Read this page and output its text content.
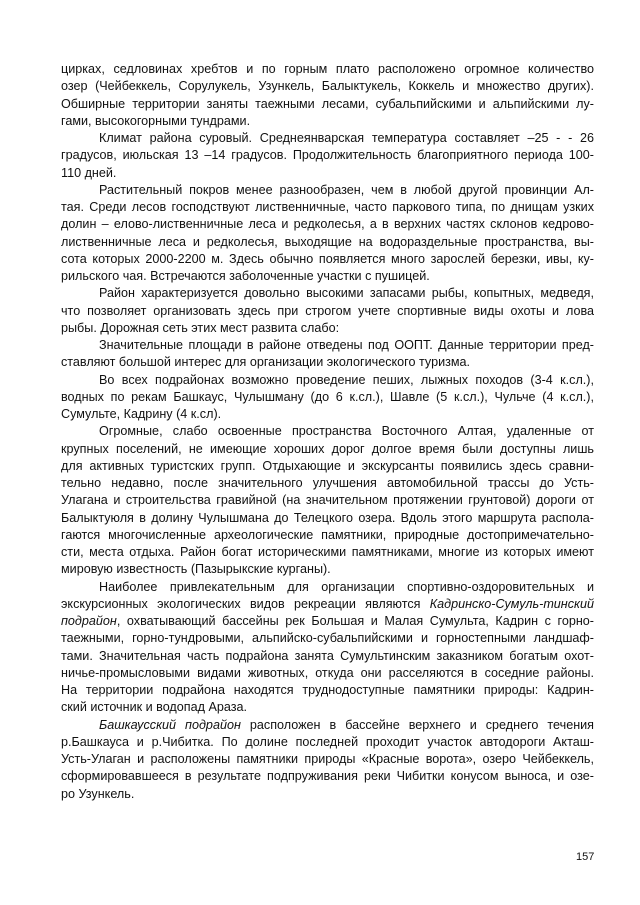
цирках, седловинах хребтов и по горным плато расположено огромное количество
озер (Чейбеккель, Сорулукель, Узункель, Балыктукель, Коккель и множество других).
Обширные территории заняты таежными лесами, субальпийскими и альпийскими лу-
гами, высокогорными тундрами.
Климат района суровый. Среднеянварская температура составляет –25 - - 26
градусов, июльская 13 –14 градусов. Продолжительность благоприятного периода 100-
110 дней.
Растительный покров менее разнообразен, чем в любой другой провинции Ал-
тая. Среди лесов господствуют лиственничные, часто паркового типа, по днищам узких
долин – елово-лиственничные леса и редколесья, а в верхних частях склонов кедрово-
лиственничные леса и редколесья, выходящие на водораздельные пространства, вы-
сота которых 2000-2200 м. Здесь обычно появляется много зарослей березки, ивы, ку-
рильского чая. Встречаются заболоченные участки с пушицей.
Район характеризуется довольно высокими запасами рыбы, копытных, медведя,
что позволяет организовать здесь при строгом учете спортивные виды охоты и лова
рыбы. Дорожная сеть этих мест развита слабо:
Значительные площади в районе отведены под ООПТ. Данные территории пред-
ставляют большой интерес для организации экологического туризма.
Во всех подрайонах возможно проведение пеших, лыжных походов (3-4 к.сл.),
водных по рекам Башкаус, Чулышману (до 6 к.сл.), Шавле (5 к.сл.), Чульче (4 к.сл.),
Сумульте, Кадрину (4 к.сл).
Огромные, слабо освоенные пространства Восточного Алтая, удаленные от
крупных поселений, не имеющие хороших дорог долгое время были доступны лишь
для активных туристских групп. Отдыхающие и экскурсанты появились здесь сравни-
тельно недавно, после значительного улучшения автомобильной трассы до Усть-
Улагана и строительства гравийной (на значительном протяжении грунтовой) дороги от
Балыктуюля в долину Чулышмана до Телецкого озера. Вдоль этого маршрута распола-
гаются многочисленные археологические памятники, природные достопримечательно-
сти, места отдыха. Район богат историческими памятниками, многие из которых имеют
мировую известность (Пазырыкские курганы).
Наиболее привлекательным для организации спортивно-оздоровительных и
экскурсионных экологических видов рекреации являются Кадринско-Сумуль-тинский
подрайон, охватывающий бассейны рек Большая и Малая Сумульта, Кадрин с горно-
таежными, горно-тундровыми, альпийско-субальпийскими и горностепными ландшаф-
тами. Значительная часть подрайона занята Сумультинским заказником богатым охот-
ничье-промысловыми видами животных, откуда они расселяются в соседние районы.
На территории подрайона находятся труднодоступные памятники природы: Кадрин-
ский источник и водопад Араза.
Башкаусский подрайон расположен в бассейне верхнего и среднего течения
р.Башкауса и р.Чибитка. По долине последней проходит участок автодороги Акташ-
Усть-Улаган и расположены памятники природы «Красные ворота», озеро Чейбеккель,
сформировавшееся в результате подпруживания реки Чибитки конусом выноса, и озе-
ро Узункель.
157
